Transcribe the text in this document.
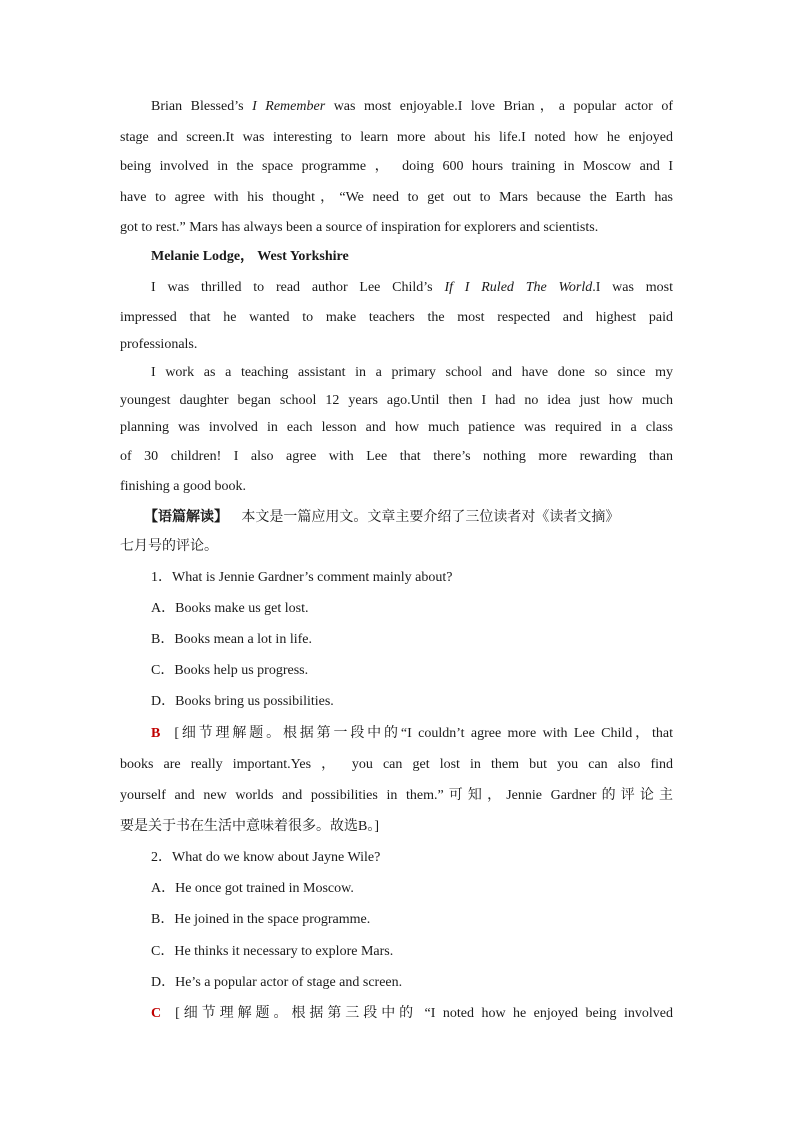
Brian Blessed’s I Remember was most enjoyable.I love Brian，a popular actor of

stage and screen.It was interesting to learn more about his life.I noted how he enjoyed

being involved in the space programme ， doing 600 hours training in Moscow and I

have to agree with his thought，“We need to get out to Mars because the Earth has

got to rest.” Mars has always been a source of inspiration for explorers and scientists.

Melanie Lodge， West Yorkshire

I was thrilled to read author Lee Child’s If I Ruled The World.I was most

impressed that he wanted to make teachers the most respected and highest paid

professionals.

I work as a teaching assistant in a primary school and have done so since my

youngest daughter began school 12 years ago.Until then I had no idea just how much

planning was involved in each lesson and how much patience was required in a class

of 30 children! I also agree with Lee that there’s nothing more rewarding than

finishing a good book.

【语篇解读】 本文是一篇应用文。文章主要介绍了三位读者对《读者文摘》

七月号的评论。

1．What is Jennie Gardner’s comment mainly about?

A．Books make us get lost.

B．Books mean a lot in life.

C．Books help us progress.

D．Books bring us possibilities.

B [细节理解题。根据第一段中的“I couldn’t agree more with Lee Child，that

books are really important.Yes ， you can get lost in them but you can also find

yourself and new worlds and possibilities in them.”可知，Jennie Gardner的评论主

要是关于书在生活中意味着很多。故选B。]

2．What do we know about Jayne Wile?

A．He once got trained in Moscow.

B．He joined in the space programme.

C．He thinks it necessary to explore Mars.

D．He’s a popular actor of stage and screen.

C [细节理解题。根据第三段中的 “I noted how he enjoyed being involved
